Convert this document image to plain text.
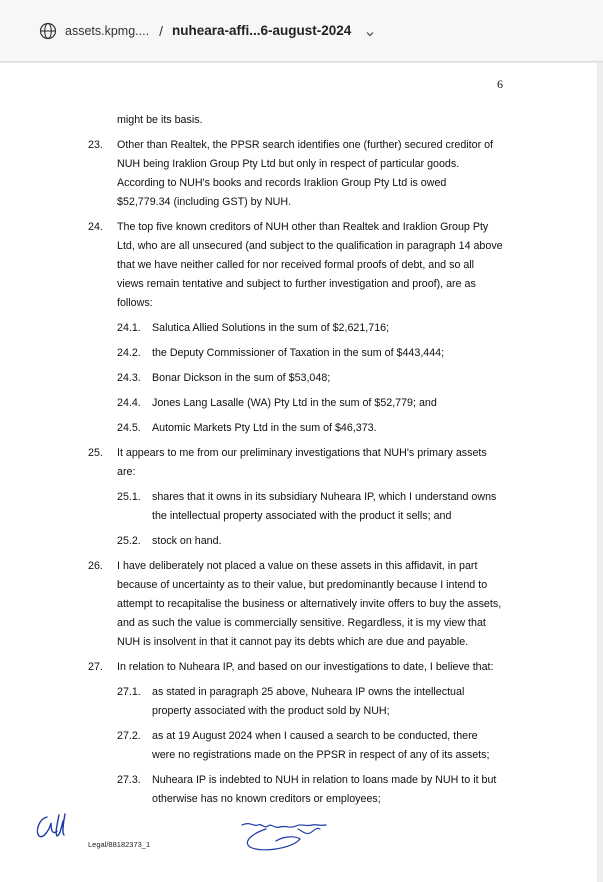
assets.kpmg.... / nuheara-affi...6-august-2024
6

might be its basis.

23. Other than Realtek, the PPSR search identifies one (further) secured creditor of

NUH being Iraklion Group Pty Ltd but only in respect of particular goods.

According to NUH's books and records Iraklion Group Pty Ltd is owed

$52,779.34 (including GST) by NUH.

24. The top five known creditors of NUH other than Realtek and Iraklion Group Pty

Ltd, who are all unsecured (and subject to the qualification in paragraph 14 above

that we have neither called for nor received formal proofs of debt, and so all

views remain tentative and subject to further investigation and proof), are as

follows:

24.1. Salutica Allied Solutions in the sum of $2,621,716;

24.2. the Deputy Commissioner of Taxation in the sum of $443,444;

24.3. Bonar Dickson in the sum of $53,048;

24.4. Jones Lang Lasalle (WA) Pty Ltd in the sum of $52,779; and

24.5. Automic Markets Pty Ltd in the sum of $46,373.

25. It appears to me from our preliminary investigations that NUH's primary assets

are:

25.1. shares that it owns in its subsidiary Nuheara IP, which I understand owns

the intellectual property associated with the product it sells; and

25.2. stock on hand.

26. I have deliberately not placed a value on these assets in this affidavit, in part

because of uncertainty as to their value, but predominantly because I intend to

attempt to recapitalise the business or alternatively invite offers to buy the assets,

and as such the value is commercially sensitive. Regardless, it is my view that

NUH is insolvent in that it cannot pay its debts which are due and payable.

27. In relation to Nuheara IP, and based on our investigations to date, I believe that:

27.1. as stated in paragraph 25 above, Nuheara IP owns the intellectual

property associated with the product sold by NUH;

27.2. as at 19 August 2024 when I caused a search to be conducted, there

were no registrations made on the PPSR in respect of any of its assets;

27.3. Nuheara IP is indebted to NUH in relation to loans made by NUH to it but

otherwise has no known creditors or employees;

Legal/88182373_1
